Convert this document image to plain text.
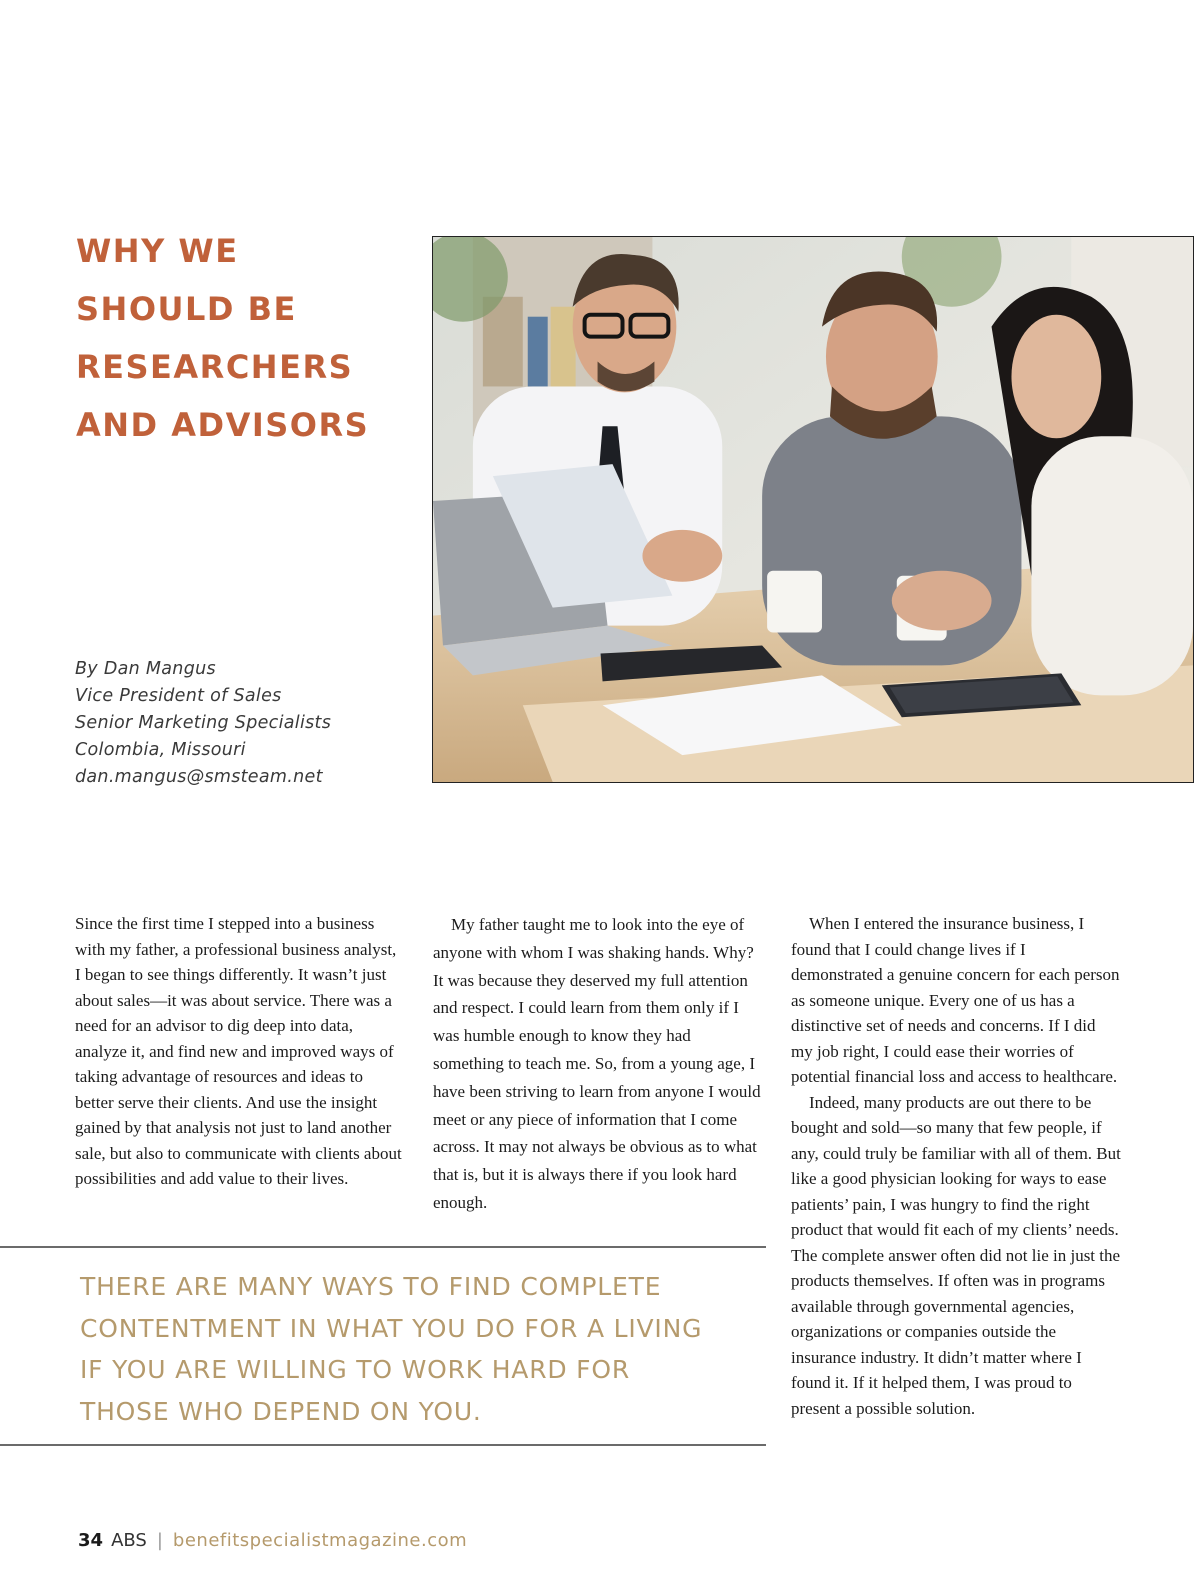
WHY WE
SHOULD BE
RESEARCHERS
AND ADVISORS
By Dan Mangus
Vice President of Sales
Senior Marketing Specialists
Colombia, Missouri
dan.mangus@smsteam.net

Since the first time I stepped into a business with my father, a professional business analyst, I began to see things differently. It wasn’t just about sales—it was about service. There was a need for an advisor to dig deep into data, analyze it, and find new and improved ways of taking advantage of resources and ideas to better serve their clients. And use the insight gained by that analysis not just to land another sale, but also to communicate with clients about possibilities and add value to their lives.

My father taught me to look into the eye of anyone with whom I was shaking hands. Why? It was because they deserved my full attention and respect. I could learn from them only if I was humble enough to know they had something to teach me. So, from a young age, I have been striving to learn from anyone I would meet or any piece of information that I come across. It may not always be obvious as to what that is, but it is always there if you look hard enough.

When I entered the insurance business, I found that I could change lives if I demonstrated a genuine concern for each person as someone unique. Every one of us has a distinctive set of needs and concerns. If I did my job right, I could ease their worries of potential financial loss and access to healthcare.

Indeed, many products are out there to be bought and sold—so many that few people, if any, could truly be familiar with all of them. But like a good physician looking for ways to ease patients’ pain, I was hungry to find the right product that would fit each of my clients’ needs. The complete answer often did not lie in just the products themselves. If often was in programs available through governmental agencies, organizations or companies outside the insurance industry. It didn’t matter where I found it. If it helped them, I was proud to present a possible solution.

THERE ARE MANY WAYS TO FIND COMPLETE
CONTENTMENT IN WHAT YOU DO FOR A LIVING
IF YOU ARE WILLING TO WORK HARD FOR
THOSE WHO DEPEND ON YOU.
34 ABS | benefitspecialistmagazine.com
